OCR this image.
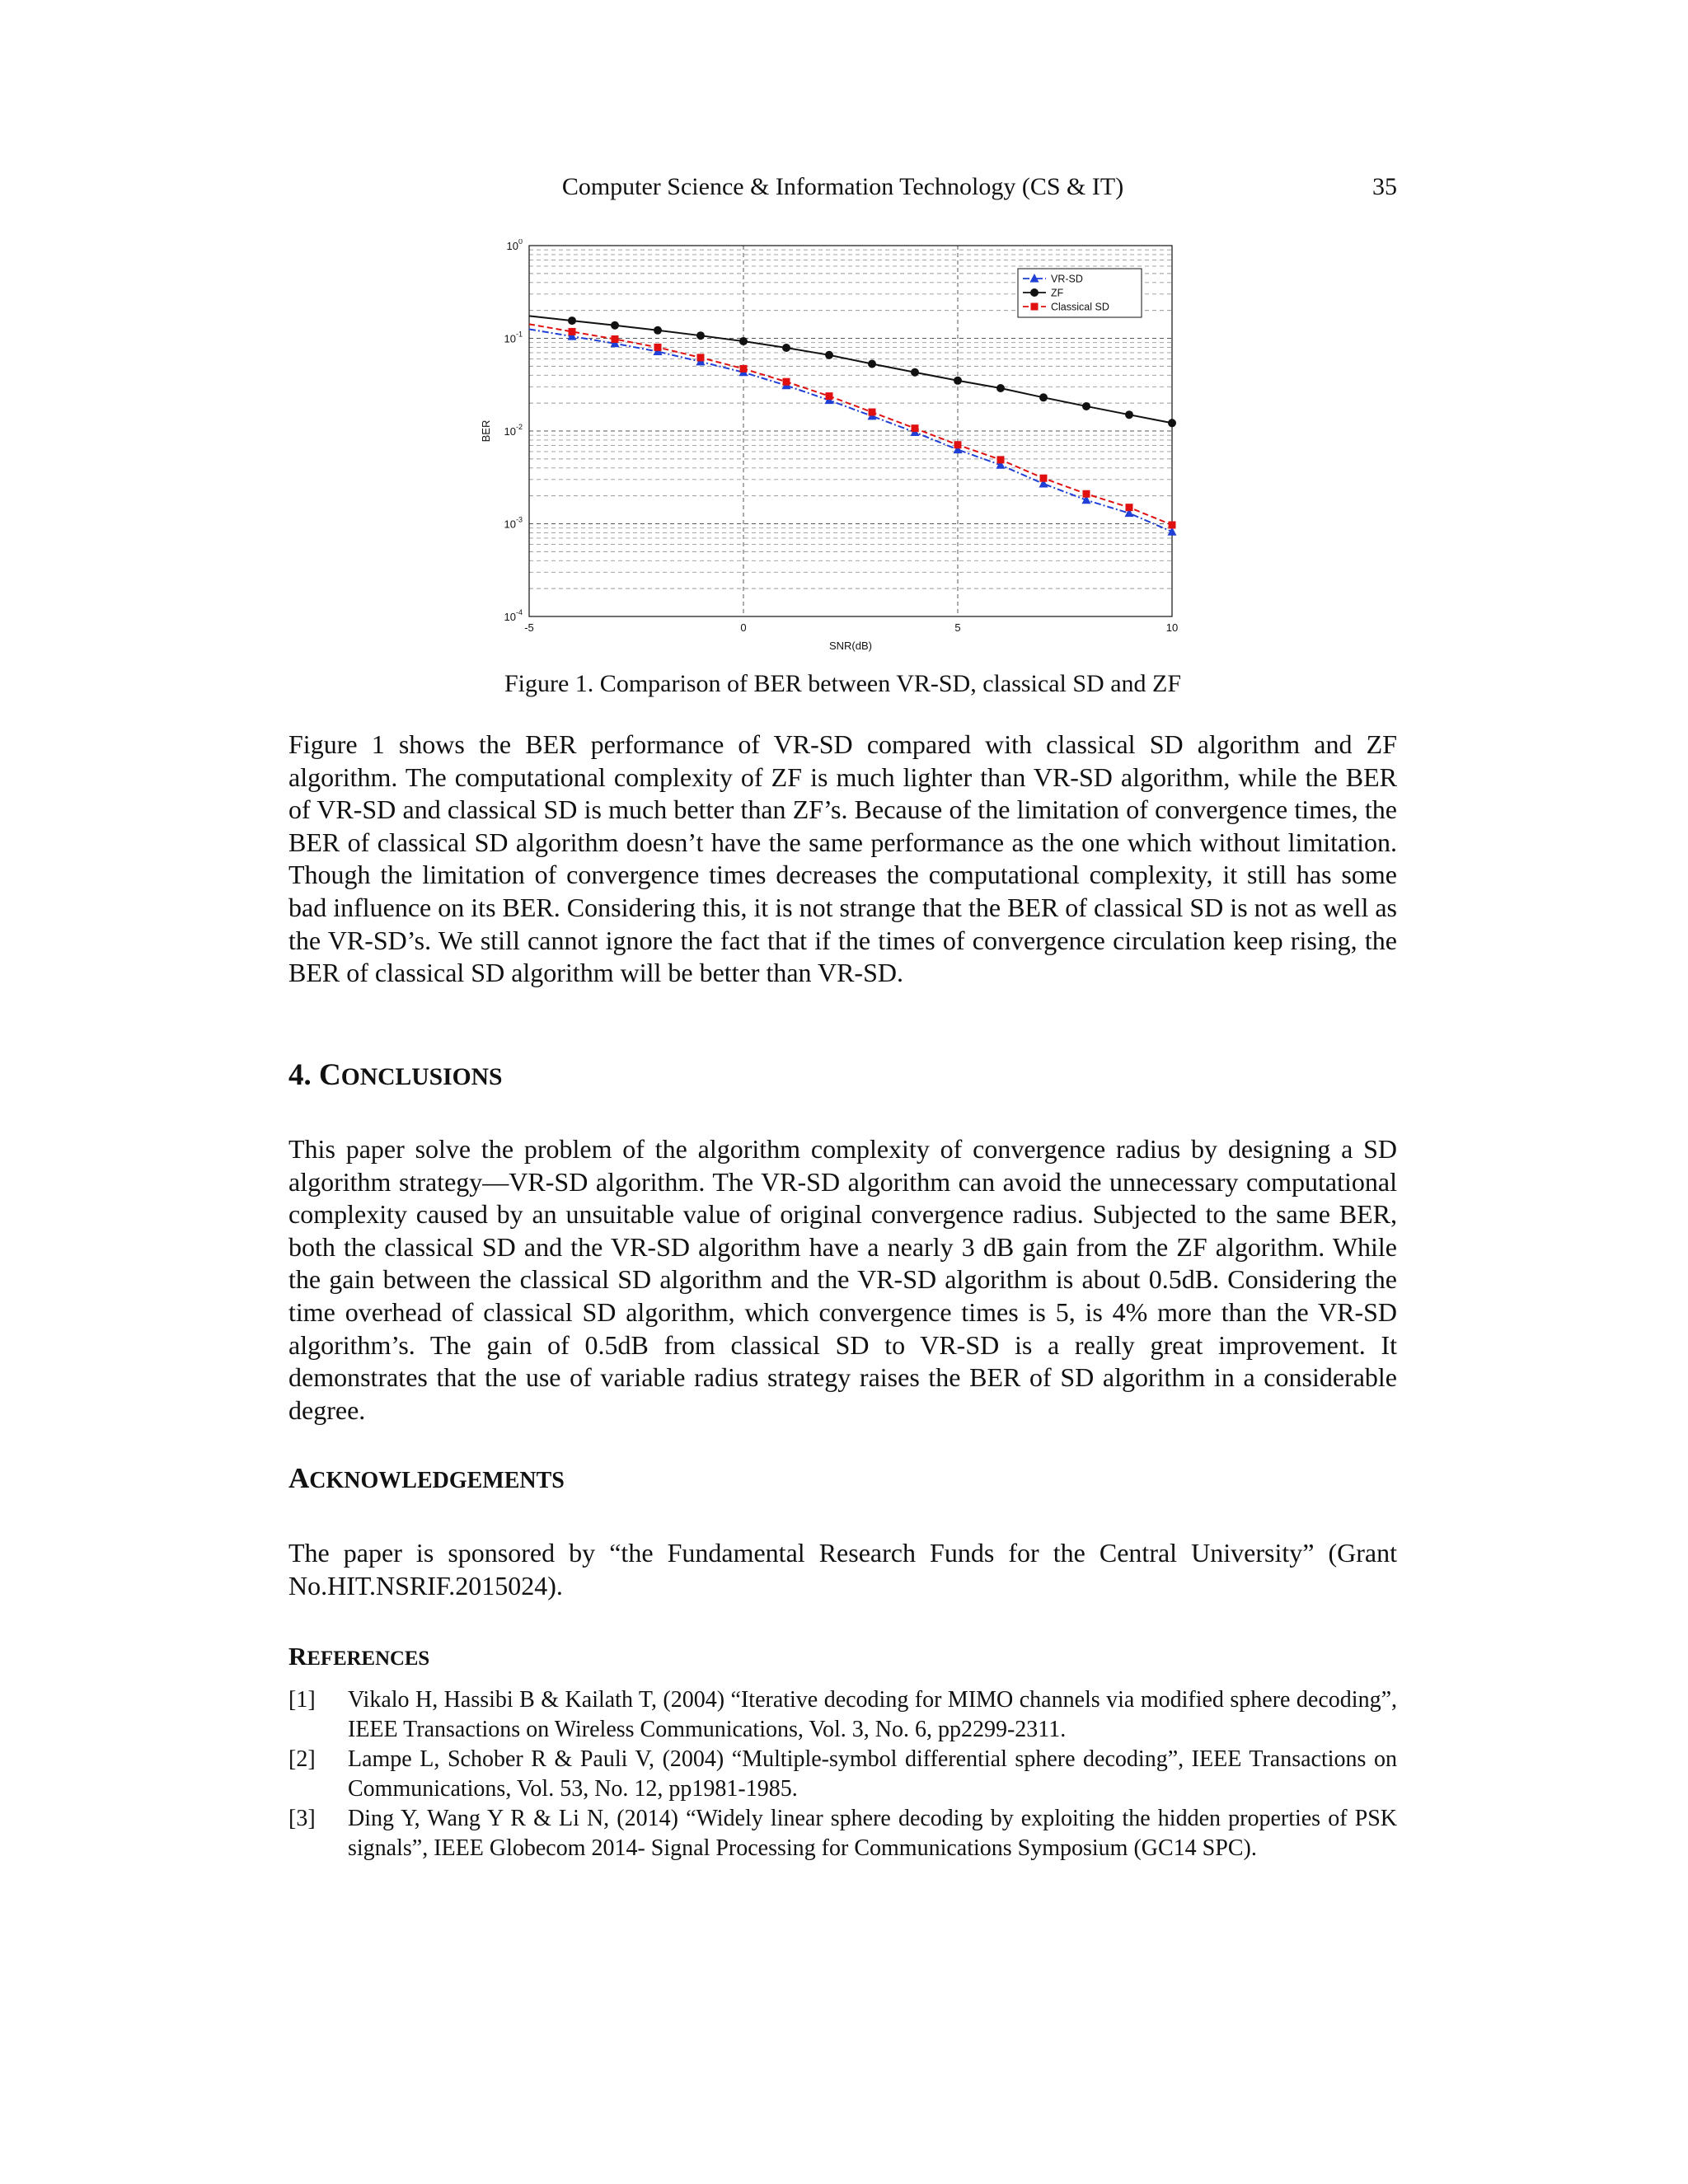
Computer Science & Information Technology (CS & IT)	35
-5	0	5	10
$10^0$
$10^{-1}$
$10^{-2}$
$10^{-3}$
$10^{-4}$
SNR(dB)
BER
VR-SD
ZF
Classical SD
Figure 1. Comparison of BER between VR-SD, classical SD and ZF

Figure 1 shows the BER performance of VR-SD compared with classical SD algorithm and ZF algorithm. The computational complexity of ZF is much lighter than VR-SD algorithm, while the BER of VR-SD and classical SD is much better than ZF’s. Because of the limitation of convergence times, the BER of classical SD algorithm doesn’t have the same performance as the one which without limitation. Though the limitation of convergence times decreases the computational complexity, it still has some bad influence on its BER. Considering this, it is not strange that the BER of classical SD is not as well as the VR-SD’s. We still cannot ignore the fact that if the times of convergence circulation keep rising, the BER of classical SD algorithm will be better than VR-SD.

4. CONCLUSIONS

This paper solve the problem of the algorithm complexity of convergence radius by designing a SD algorithm strategy—VR-SD algorithm. The VR-SD algorithm can avoid the unnecessary computational complexity caused by an unsuitable value of original convergence radius. Subjected to the same BER, both the classical SD and the VR-SD algorithm have a nearly 3 dB gain from the ZF algorithm. While the gain between the classical SD algorithm and the VR-SD algorithm is about 0.5dB. Considering the time overhead of classical SD algorithm, which convergence times is 5, is 4% more than the VR-SD algorithm’s. The gain of 0.5dB from classical SD to VR-SD is a really great improvement. It demonstrates that the use of variable radius strategy raises the BER of SD algorithm in a considerable degree.

ACKNOWLEDGEMENTS

The paper is sponsored by “the Fundamental Research Funds for the Central University” (Grant No.HIT.NSRIF.2015024).

REFERENCES
[1]	Vikalo H, Hassibi B & Kailath T, (2004) “Iterative decoding for MIMO channels via modified sphere decoding”, IEEE Transactions on Wireless Communications, Vol. 3, No. 6, pp2299-2311.
[2]	Lampe L, Schober R & Pauli V, (2004) “Multiple-symbol differential sphere decoding”, IEEE Transactions on Communications, Vol. 53, No. 12, pp1981-1985.
[3]	Ding Y, Wang Y R & Li N, (2014) “Widely linear sphere decoding by exploiting the hidden properties of PSK signals”, IEEE Globecom 2014- Signal Processing for Communications Symposium (GC14 SPC).
